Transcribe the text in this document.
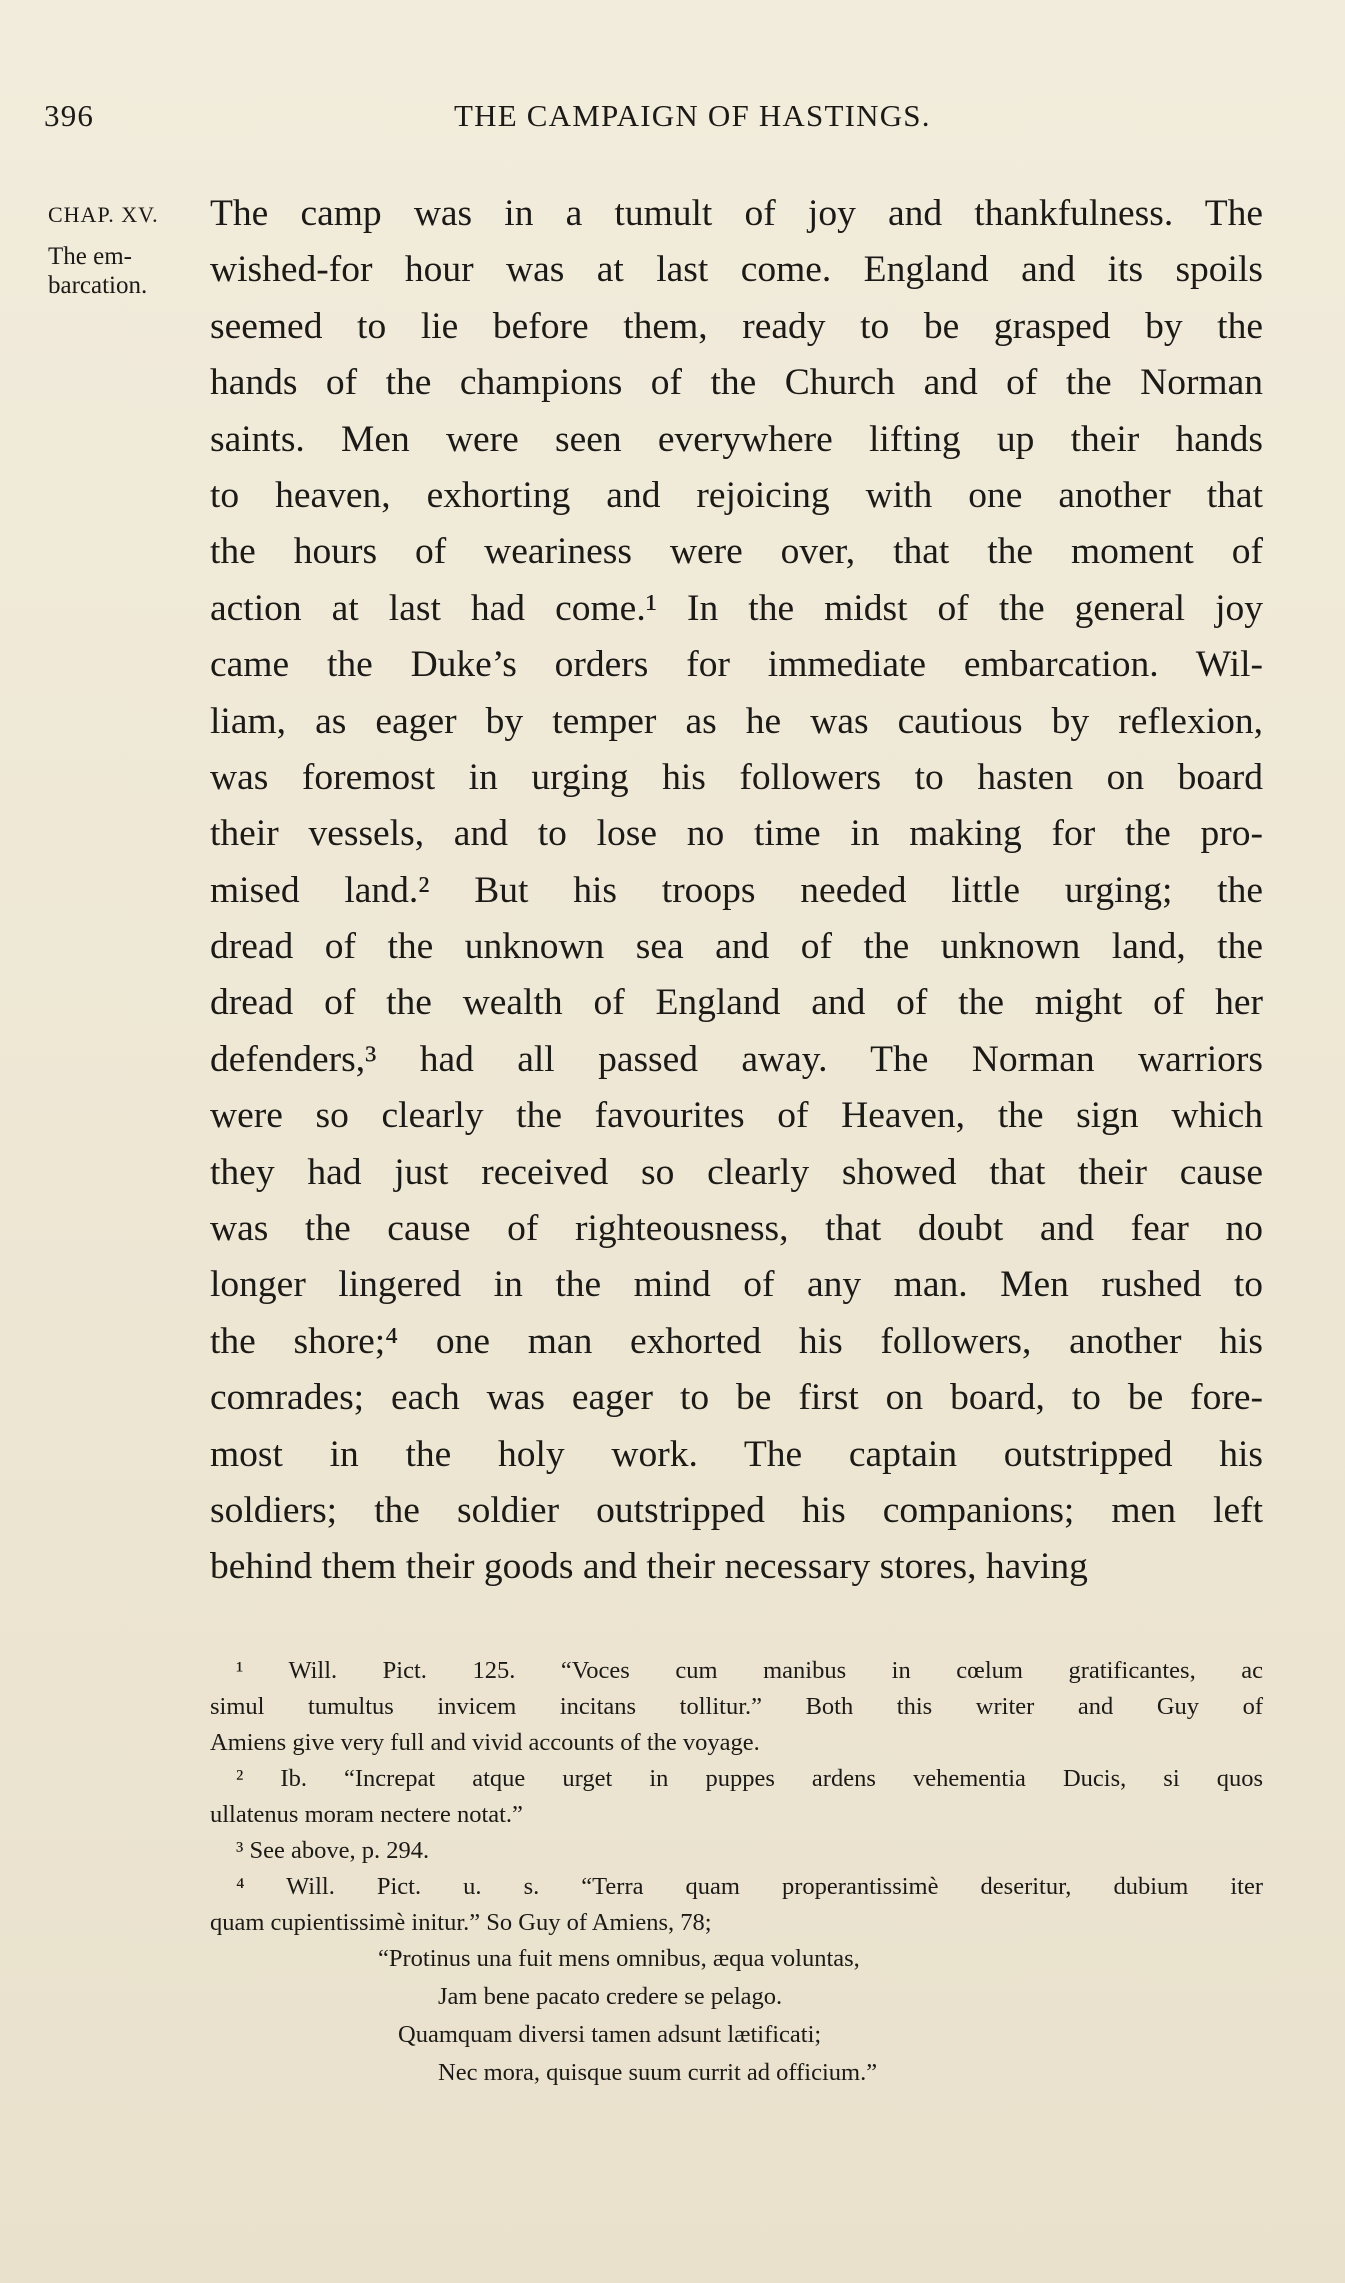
396	THE CAMPAIGN OF HASTINGS.
CHAP. XV.
The em-
barcation.
The camp was in a tumult of joy and thankfulness. The
wished-for hour was at last come. England and its spoils
seemed to lie before them, ready to be grasped by the
hands of the champions of the Church and of the Norman
saints. Men were seen everywhere lifting up their hands
to heaven, exhorting and rejoicing with one another that
the hours of weariness were over, that the moment of
action at last had come.¹ In the midst of the general joy
came the Duke’s orders for immediate embarcation. Wil-
liam, as eager by temper as he was cautious by reflexion,
was foremost in urging his followers to hasten on board
their vessels, and to lose no time in making for the pro-
mised land.² But his troops needed little urging; the
dread of the unknown sea and of the unknown land, the
dread of the wealth of England and of the might of her
defenders,³ had all passed away. The Norman warriors
were so clearly the favourites of Heaven, the sign which
they had just received so clearly showed that their cause
was the cause of righteousness, that doubt and fear no
longer lingered in the mind of any man. Men rushed to
the shore;⁴ one man exhorted his followers, another his
comrades; each was eager to be first on board, to be fore-
most in the holy work. The captain outstripped his
soldiers; the soldier outstripped his companions; men left
behind them their goods and their necessary stores, having
¹ Will. Pict. 125. “Voces cum manibus in cœlum gratificantes, ac
simul tumultus invicem incitans tollitur.” Both this writer and Guy of
Amiens give very full and vivid accounts of the voyage.
² Ib. “Increpat atque urget in puppes ardens vehementia Ducis, si quos
ullatenus moram nectere notat.”
³ See above, p. 294.
⁴ Will. Pict. u. s. “Terra quam properantissimè deseritur, dubium iter
quam cupientissimè initur.” So Guy of Amiens, 78;
“Protinus una fuit mens omnibus, æqua voluntas,
Jam bene pacato credere se pelago.
Quamquam diversi tamen adsunt lætificati;
Nec mora, quisque suum currit ad officium.”
